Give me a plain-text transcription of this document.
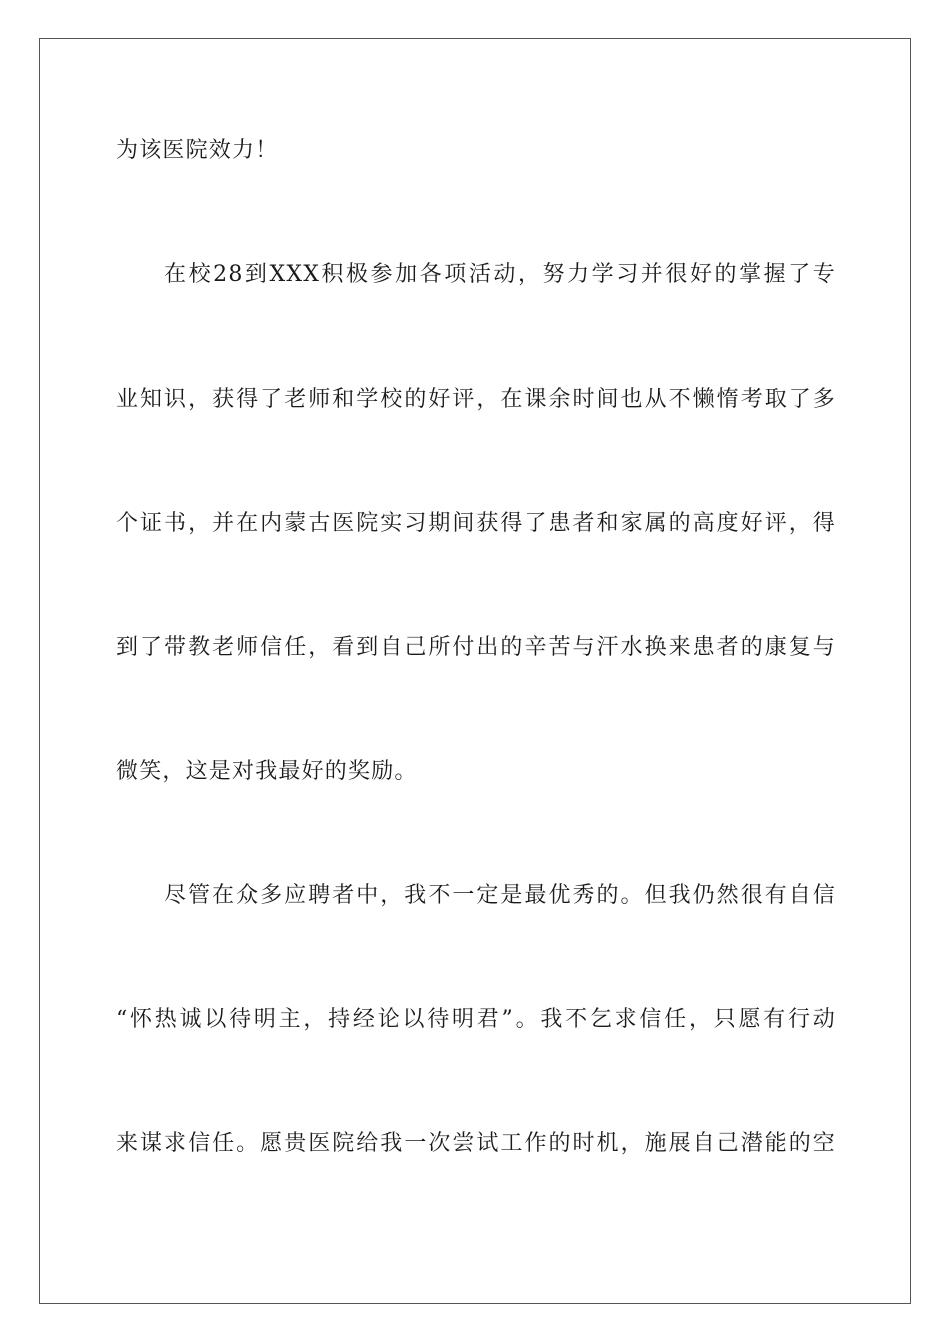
为该医院效力！
在校28到XXX积极参加各项活动，努力学习并很好的掌握了专
业知识，获得了老师和学校的好评，在课余时间也从不懒惰考取了多
个证书，并在内蒙古医院实习期间获得了患者和家属的高度好评，得
到了带教老师信任，看到自己所付出的辛苦与汗水换来患者的康复与
微笑，这是对我最好的奖励。
尽管在众多应聘者中，我不一定是最优秀的。但我仍然很有自信
“怀热诚以待明主，持经论以待明君”。我不乞求信任，只愿有行动
来谋求信任。愿贵医院给我一次尝试工作的时机，施展自己潜能的空
